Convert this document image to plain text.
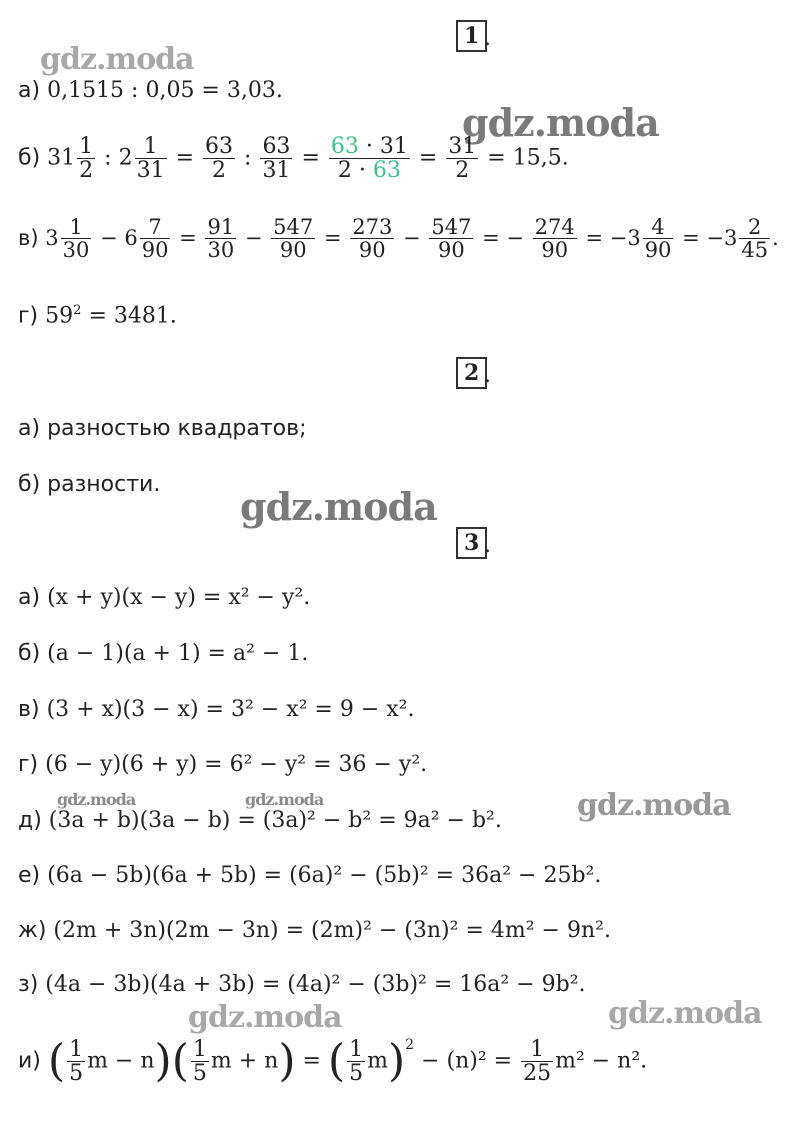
gdz.moda
gdz.moda
gdz.moda
gdz.moda	gdz.moda	gdz.moda
gdz.moda	gdz.moda
1 .
а) 0,1515 : 0,05 = 3,03.
б) $31 \frac{1}{2}$ : $2 \frac{1}{31} = \frac{63}{2}$ : $\frac{63}{31} = \frac{63 \cdot 31}{2 \cdot 63} = \frac{31}{2} = 15,5$.
в) $3 \frac{1}{30} - 6 \frac{7}{90} = \frac{91}{30} - \frac{547}{90} = \frac{273}{90} - \frac{547}{90}$ = − $\frac{274}{90} = -3 \frac{4}{90} = -3 \frac{2}{45}$ .
г) $59^2 = 3481$.
2 .
а) разностью квадратов;
б) разности.
3 .
а) (x + y)(x − y) = x² − y².
б) (a − 1)(a + 1) = a² − 1.
в) (3 + x)(3 − x) = 3² − x² = 9 − x².
г) (6 − y)(6 + y) = 6² − y² = 36 − y².
д) (3a + b)(3a − b) = (3a)² − b² = 9a² − b².
е) (6a − 5b)(6a + 5b) = (6a)² − (5b)² = 36a² − 25b².
ж) (2m + 3n)(2m − 3n) = (2m)² − (3n)² = 4m² − 9n².
з) (4a − 3b)(4a + 3b) = (4a)² − (3b)² = 16a² − 9b².
и) ( $\frac{1}{5}$ $m - n)( \frac{1}{5}$ m + n) = ( $\frac{1}{5} m)^2 - (n)^2 = \frac{1}{25} m^2 - n^2$.
